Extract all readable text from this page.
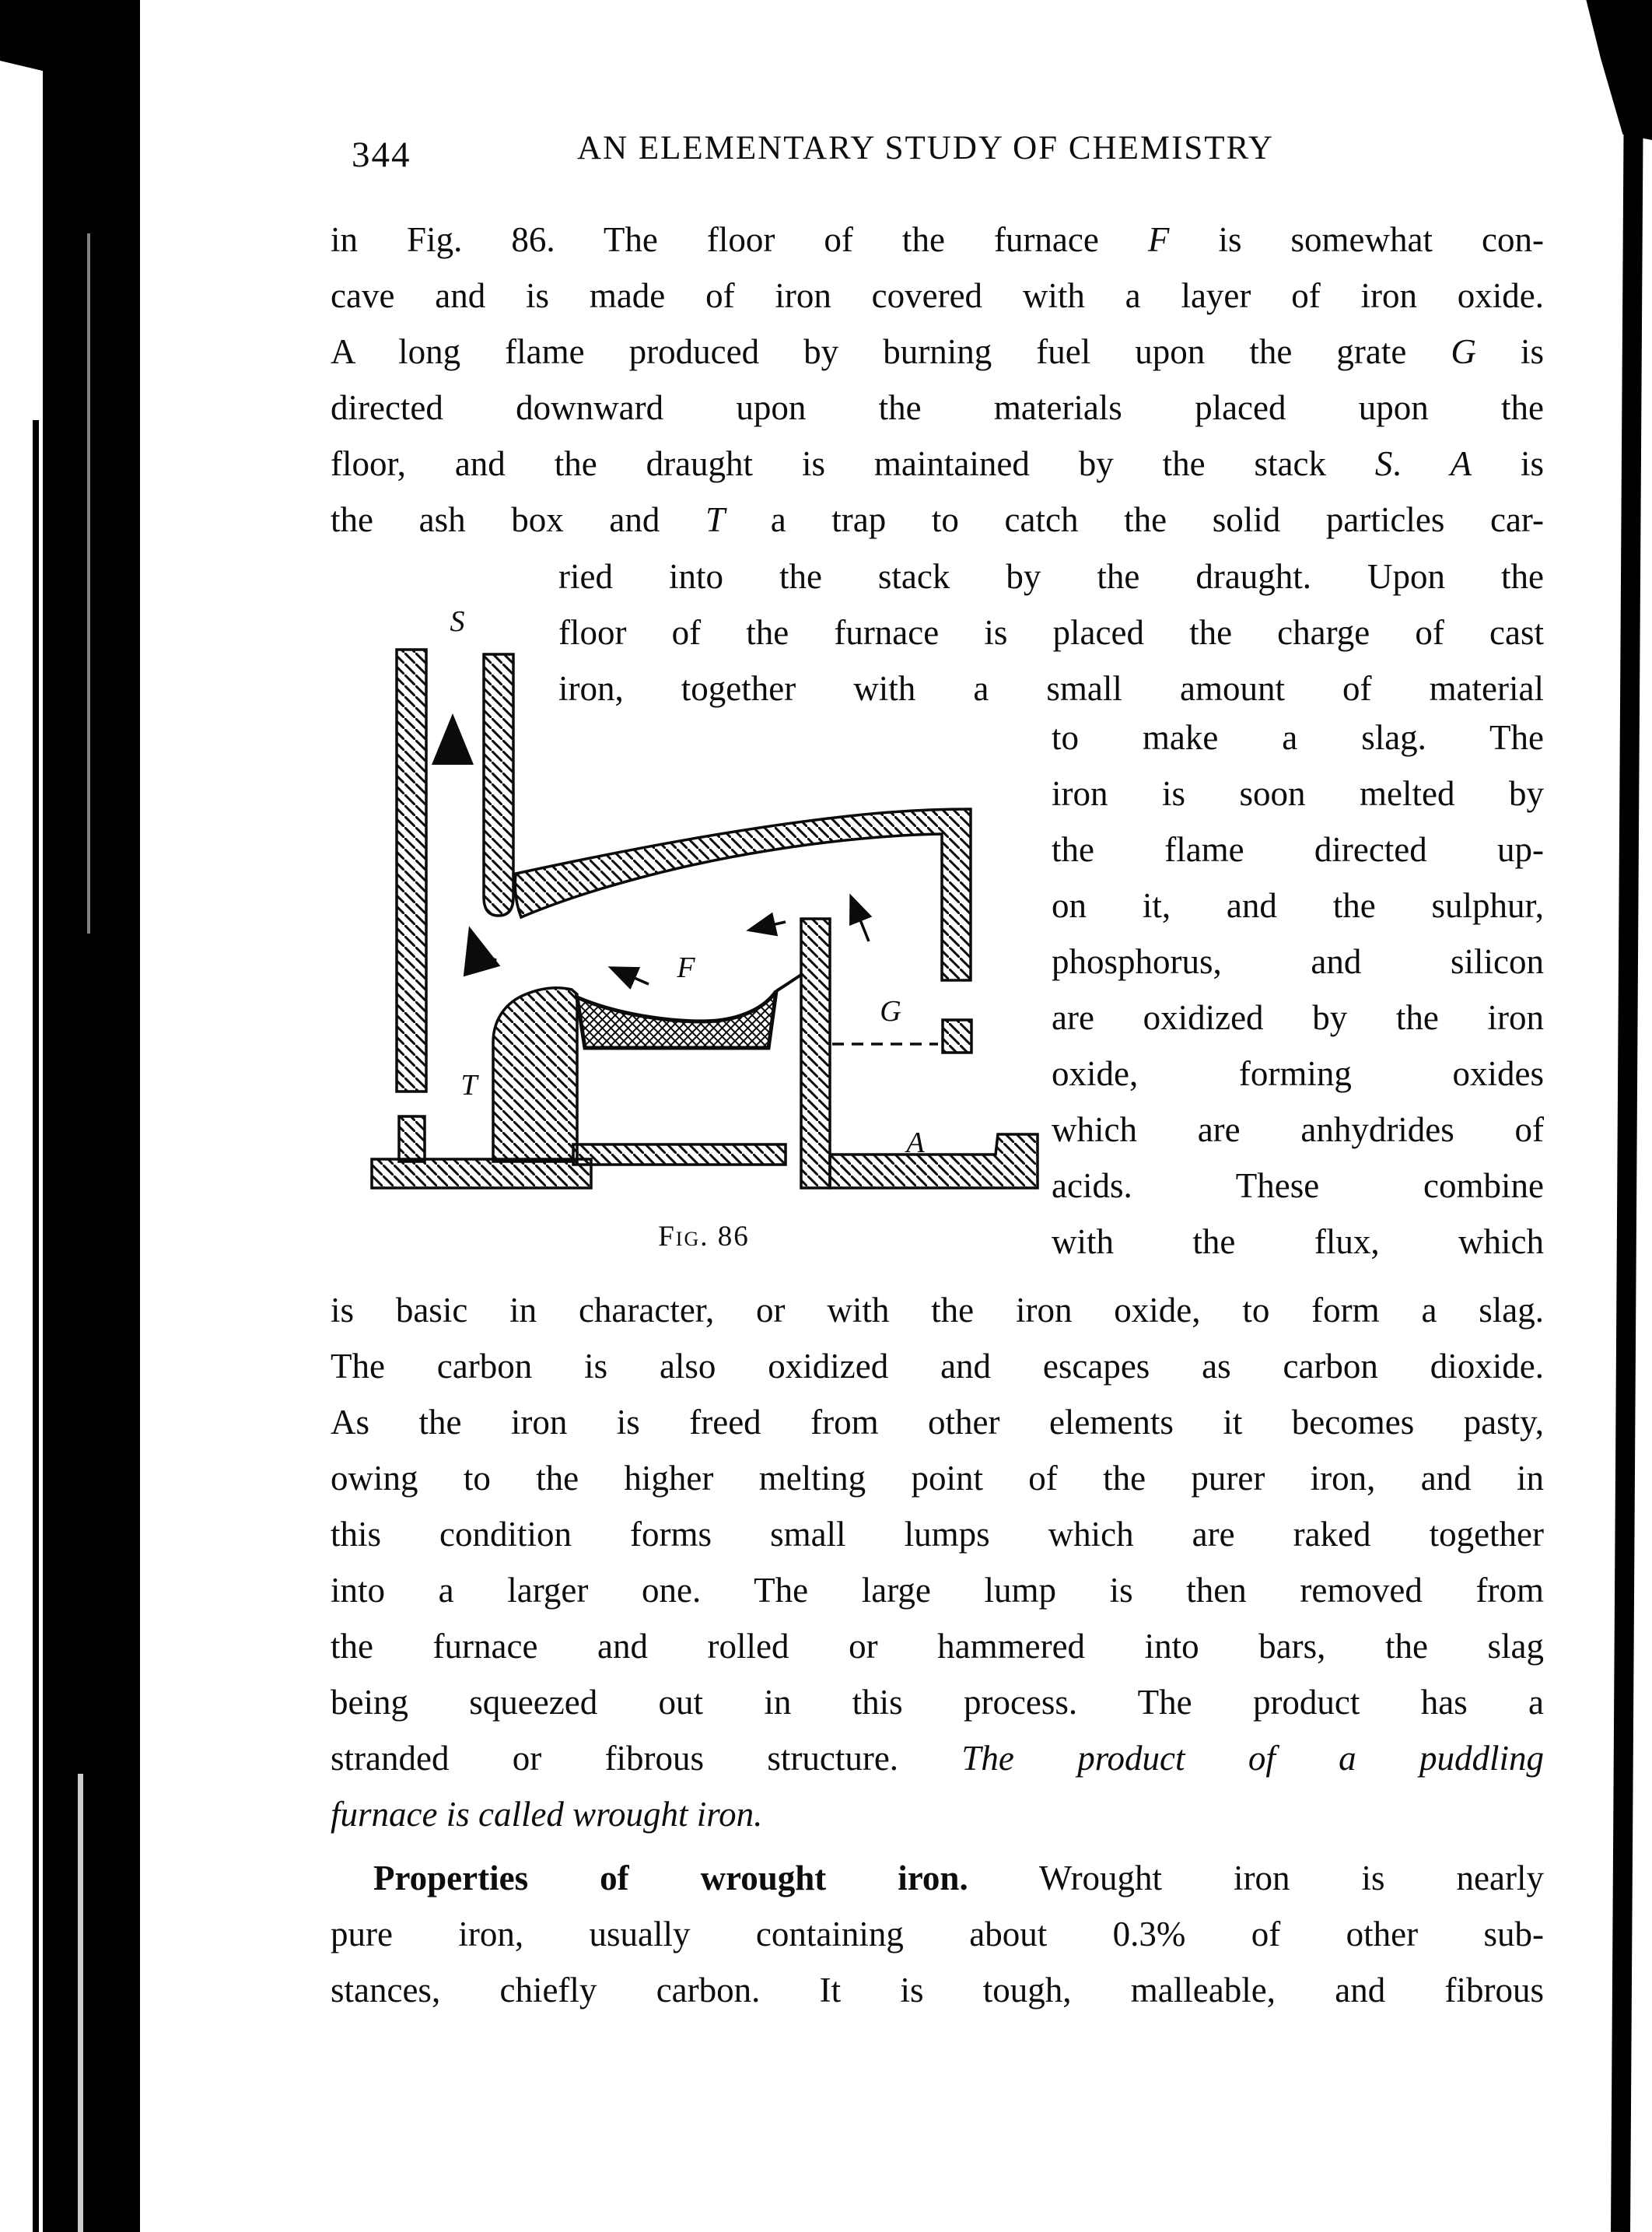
344	AN ELEMENTARY STUDY OF CHEMISTRY
in Fig. 86. The floor of the furnace F is somewhat con-
cave and is made of iron covered with a layer of iron oxide.
A long flame produced by burning fuel upon the grate G is
directed downward upon the materials placed upon the
floor, and the draught is maintained by the stack S. A is
the ash box and T a trap to catch the solid particles car-
ried into the stack by the draught. Upon the
floor of the furnace is placed the charge of cast
iron, together with a small amount of material
to make a slag. The
iron is soon melted by
the flame directed up-
on it, and the sulphur,
phosphorus, and silicon
are oxidized by the iron
oxide, forming oxides
which are anhydrides of
acids. These combine
with the flux, which
is basic in character, or with the iron oxide, to form a slag.
The carbon is also oxidized and escapes as carbon dioxide.
As the iron is freed from other elements it becomes pasty,
owing to the higher melting point of the purer iron, and in
this condition forms small lumps which are raked together
into a larger one. The large lump is then removed from
the furnace and rolled or hammered into bars, the slag
being squeezed out in this process. The product has a
stranded or fibrous structure. The product of a puddling
furnace is called wrought iron.
Properties of wrought iron. Wrought iron is nearly
pure iron, usually containing about 0.3% of other sub-
stances, chiefly carbon. It is tough, malleable, and fibrous
S
T
F
G
A
Fig. 86
